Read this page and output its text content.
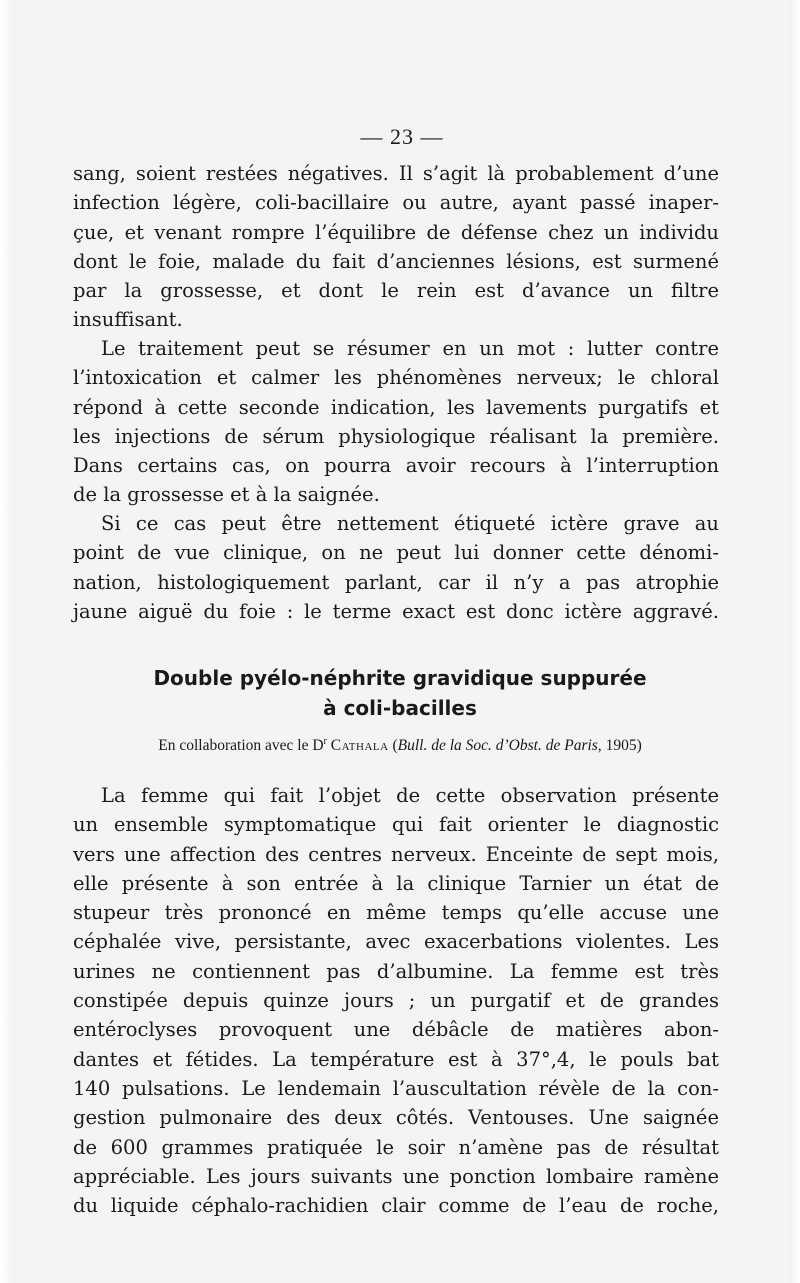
— 23 —
sang, soient restées négatives. Il s’agit là probablement d’une
infection légère, coli-bacillaire ou autre, ayant passé inaper-
çue, et venant rompre l’équilibre de défense chez un individu
dont le foie, malade du fait d’anciennes lésions, est surmené
par la grossesse, et dont le rein est d’avance un filtre
insuffisant.
Le traitement peut se résumer en un mot : lutter contre
l’intoxication et calmer les phénomènes nerveux; le chloral
répond à cette seconde indication, les lavements purgatifs et
les injections de sérum physiologique réalisant la première.
Dans certains cas, on pourra avoir recours à l’interruption
de la grossesse et à la saignée.
Si ce cas peut être nettement étiqueté ictère grave au
point de vue clinique, on ne peut lui donner cette dénomi-
nation, histologiquement parlant, car il n’y a pas atrophie
jaune aiguë du foie : le terme exact est donc ictère aggravé.
Double pyélo-néphrite gravidique suppurée
à coli-bacilles
En collaboration avec le $D^r$ Cathala (Bull. de la Soc. d’Obst. de Paris, 1905)
La femme qui fait l’objet de cette observation présente
un ensemble symptomatique qui fait orienter le diagnostic
vers une affection des centres nerveux. Enceinte de sept mois,
elle présente à son entrée à la clinique Tarnier un état de
stupeur très prononcé en même temps qu’elle accuse une
céphalée vive, persistante, avec exacerbations violentes. Les
urines ne contiennent pas d’albumine. La femme est très
constipée depuis quinze jours ; un purgatif et de grandes
entéroclyses provoquent une débâcle de matières abon-
dantes et fétides. La température est à 37°,4, le pouls bat
140 pulsations. Le lendemain l’auscultation révèle de la con-
gestion pulmonaire des deux côtés. Ventouses. Une saignée
de 600 grammes pratiquée le soir n’amène pas de résultat
appréciable. Les jours suivants une ponction lombaire ramène
du liquide céphalo-rachidien clair comme de l’eau de roche,
